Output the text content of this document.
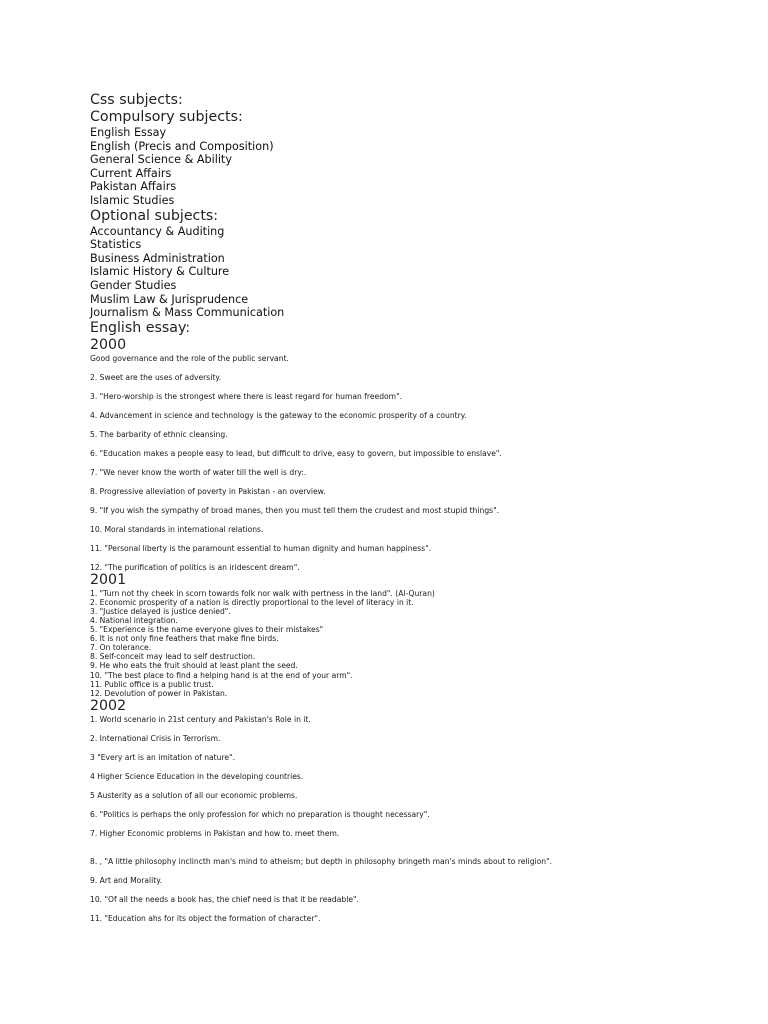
Css subjects:
Compulsory subjects:
English Essay
English (Precis and Composition)
General Science & Ability
Current Affairs
Pakistan Affairs
Islamic Studies
Optional subjects:
Accountancy & Auditing
Statistics
Business Administration
Islamic History & Culture
Gender Studies
Muslim Law & Jurisprudence
Journalism & Mass Communication
English essay:
2000
Good governance and the role of the public servant.
2. Sweet are the uses of adversity.
3. "Hero-worship is the strongest where there is least regard for human freedom".
4. Advancement in science and technology is the gateway to the economic prosperity of a country.
5. The barbarity of ethnic cleansing.
6. "Education makes a people easy to lead, but difficult to drive, easy to govern, but impossible to enslave".
7. "We never know the worth of water till the well is dry:.
8. Progressive alleviation of poverty in Pakistan - an overview.
9. "If you wish the sympathy of broad manes, then you must tell them the crudest and most stupid things".
10. Moral standards in international relations.
11. "Personal liberty is the paramount essential to human dignity and human happiness".
12. "The purification of politics is an iridescent dream".
2001
1. "Turn not thy cheek in scorn towards folk nor walk with pertness in the land". (Al-Quran)
2. Economic prosperity of a nation is directly proportional to the level of literacy in it.
3. "Justice delayed is justice denied".
4. National integration.
5. "Experience is the name everyone gives to their mistakes"
6. It is not only fine feathers that make fine birds.
7. On tolerance.
8. Self-conceit may lead to self destruction.
9. He who eats the fruit should at least plant the seed.
10. "The best place to find a helping hand is at the end of your arm".
11. Public office is a public trust.
12. Devolution of power in Pakistan.
2002
1. World scenario in 21st century and Pakistan's Role in it.
2. International Crisis in Terrorism.
3 "Every art is an imitation of nature".
4 Higher Science Education in the developing countries.
5 Austerity as a solution of all our economic problems.
6. "Politics is perhaps the only profession for which no preparation is thought necessary".
7. Higher Economic problems in Pakistan and how to. meet them.
8. , "A little philosophy inclincth man's mind to atheism; but depth in philosophy bringeth man's minds about to religion".
9. Art and Morality.
10. "Of all the needs a book has, the chief need is that it be readable".
11. "Education ahs for its object the formation of character".
